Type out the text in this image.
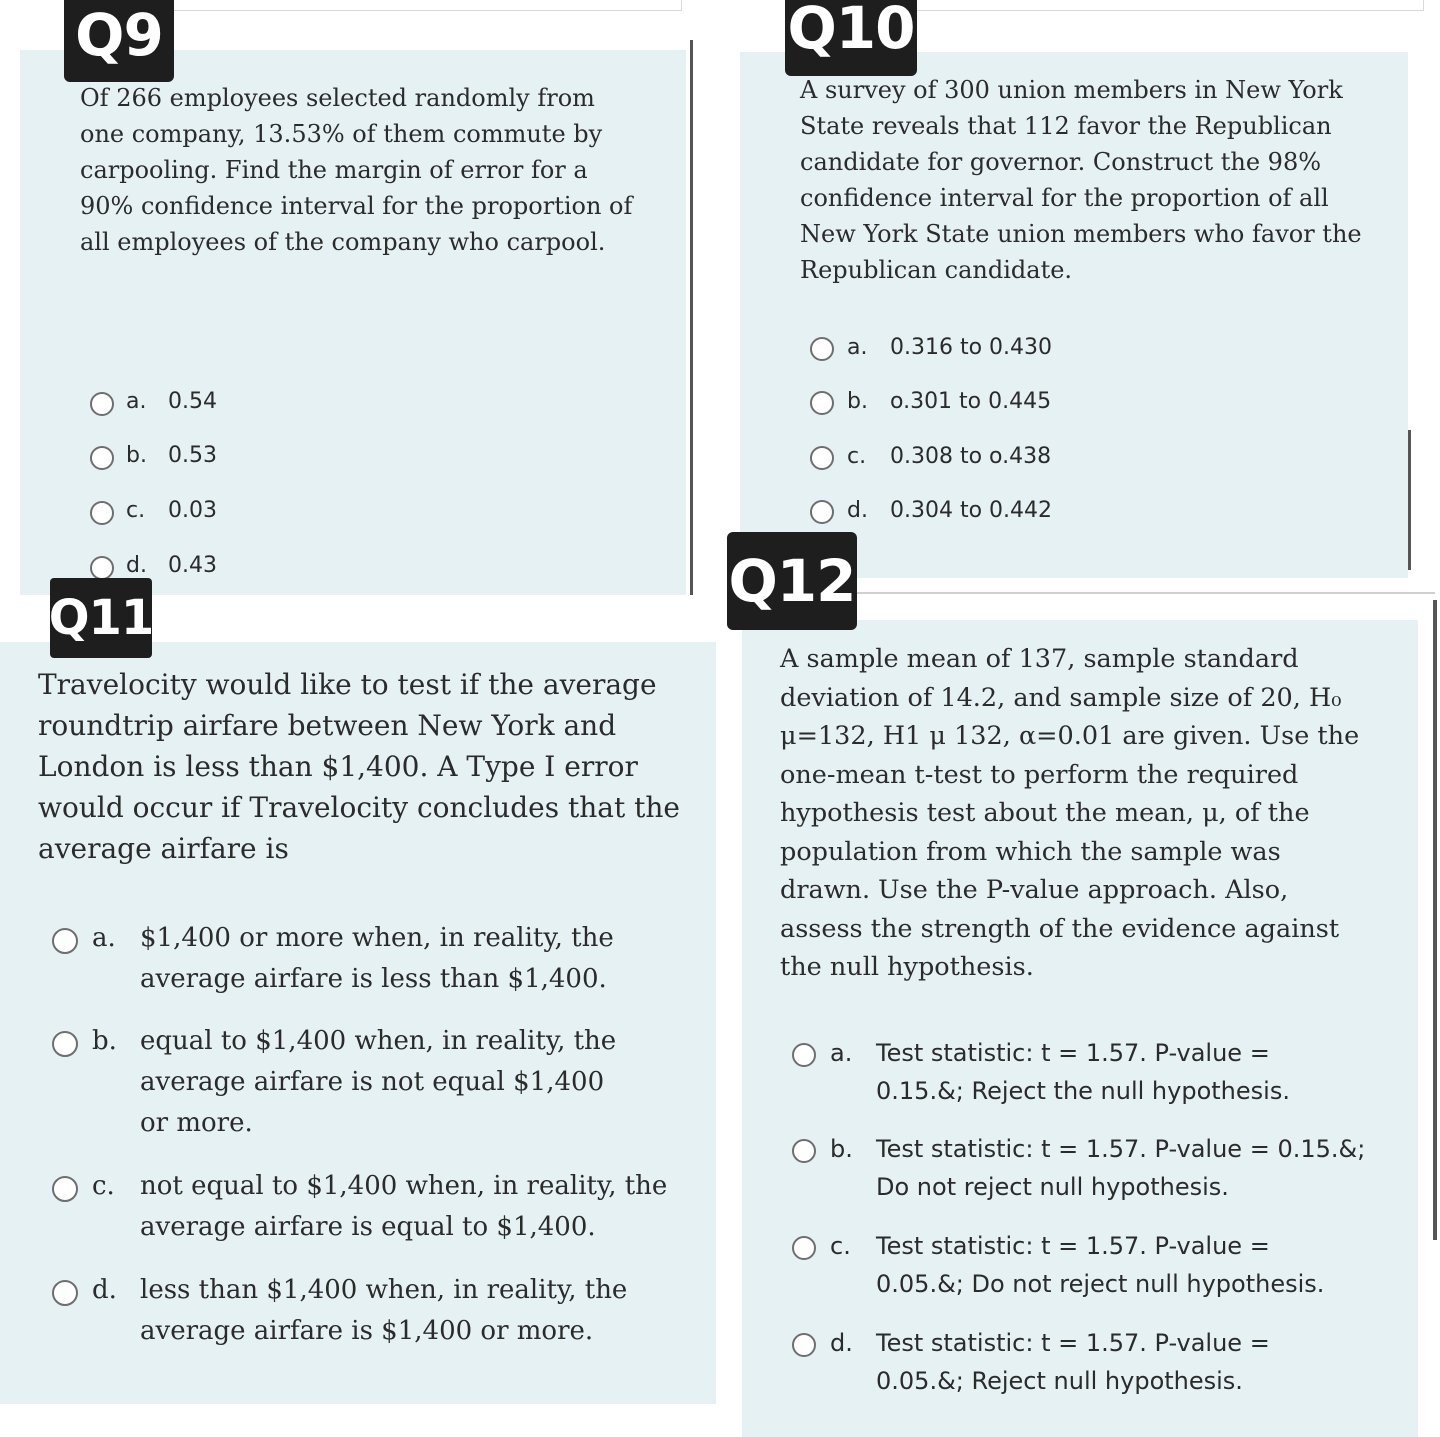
Q9

Of 266 employees selected randomly from one company, 13.53% of them commute by carpooling. Find the margin of error for a 90% confidence interval for the proportion of all employees of the company who carpool.

a. 0.54
b. 0.53
c.	0.03
d. 0.43
Q10

A survey of 300 union members in New York State reveals that 112 favor the Republican candidate for governor. Construct the 98% confidence interval for the proportion of all New York State union members who favor the Republican candidate.

a.	0.316 to 0.430
b.	o.301 to 0.445
c.	0.308 to o.438
d.	0.304 to 0.442
Q11

Travelocity would like to test if the average roundtrip airfare between New York and London is less than $1,400. A Type I error would occur if Travelocity concludes that the average airfare is

a. $1,400 or more when, in reality, the average airfare is less than $1,400.
b. equal to $1,400 when, in reality, the average airfare is not equal $1,400 or more.
c. not equal to $1,400 when, in reality, the average airfare is equal to $1,400.
d. less than $1,400 when, in reality, the average airfare is $1,400 or more.
Q12

A sample mean of 137, sample standard deviation of 14.2, and sample size of 20, H₀ μ=132, H1 μ 132, α=0.01 are given. Use the one-mean t-test to perform the required hypothesis test about the mean, μ, of the population from which the sample was drawn. Use the P-value approach. Also, assess the strength of the evidence against the null hypothesis.

a. Test statistic: t = 1.57. P-value = 0.15.&; Reject the null hypothesis.
b. Test statistic: t = 1.57. P-value = 0.15.&; Do not reject null hypothesis.
c.	Test statistic: t = 1.57. P-value = 0.05.&; Do not reject null hypothesis.
d. Test statistic: t = 1.57. P-value = 0.05.&; Reject null hypothesis.
